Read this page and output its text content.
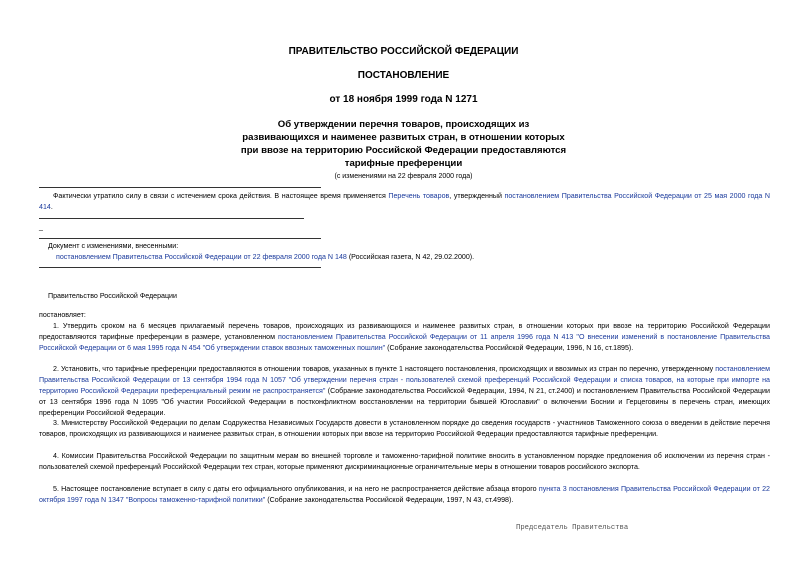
ПРАВИТЕЛЬСТВО РОССИЙСКОЙ ФЕДЕРАЦИИ
ПОСТАНОВЛЕНИЕ
от 18 ноября 1999 года N 1271
Об утверждении перечня товаров, происходящих из
развивающихся и наименее развитых стран, в отношении которых
при ввозе на территорию Российской Федерации предоставляются
тарифные преференции
(с изменениями на 22 февраля 2000 года)

Фактически утратило силу в связи с истечением срока действия. В настоящее время применяется Перечень товаров, утвержденный постановлением Правительства Российской Федерации от 25 мая 2000 года N 414.

_
Документ с изменениями, внесенными:

постановлением Правительства Российской Федерации от 22 февраля 2000 года N 148 (Российская газета, N 42, 29.02.2000).

Правительство Российской Федерации
постановляет:

1. Утвердить сроком на 6 месяцев прилагаемый перечень товаров, происходящих из развивающихся и наименее развитых стран, в отношении которых при ввозе на территорию Российской Федерации предоставляются тарифные преференции в размере, установленном постановлением Правительства Российской Федерации от 11 апреля 1996 года N 413 "О внесении изменений в постановление Правительства Российской Федерации от 6 мая 1995 года N 454 "Об утверждении ставок ввозных таможенных пошлин" (Собрание законодательства Российской Федерации, 1996, N 16, ст.1895).

2. Установить, что тарифные преференции предоставляются в отношении товаров, указанных в пункте 1 настоящего постановления, происходящих и ввозимых из стран по перечню, утвержденному постановлением Правительства Российской Федерации от 13 сентября 1994 года N 1057 "Об утверждении перечня стран - пользователей схемой преференций Российской Федерации и списка товаров, на которые при импорте на территорию Российской Федерации преференциальный режим не распространяется" (Собрание законодательства Российской Федерации, 1994, N 21, ст.2400) и постановлением Правительства Российской Федерации от 13 сентября 1996 года N 1095 "Об участии Российской Федерации в постконфликтном восстановлении на территории бывшей Югославии" о включении Боснии и Герцеговины в перечень стран, имеющих преференции Российской Федерации.

3. Министерству Российской Федерации по делам Содружества Независимых Государств довести в установленном порядке до сведения государств - участников Таможенного союза о введении в действие перечня товаров, происходящих из развивающихся и наименее развитых стран, в отношении которых при ввозе на территорию Российской Федерации предоставляются тарифные преференции.

4. Комиссии Правительства Российской Федерации по защитным мерам во внешней торговле и таможенно-тарифной политике вносить в установленном порядке предложения об исключении из перечня стран - пользователей схемой преференций Российской Федерации тех стран, которые применяют дискриминационные ограничительные меры в отношении товаров российского экспорта.

5. Настоящее постановление вступает в силу с даты его официального опубликования, и на него не распространяется действие абзаца второго пункта 3 постановления Правительства Российской Федерации от 22 октября 1997 года N 1347 "Вопросы таможенно-тарифной политики" (Собрание законодательства Российской Федерации, 1997, N 43, ст.4998).

Председатель Правительства
